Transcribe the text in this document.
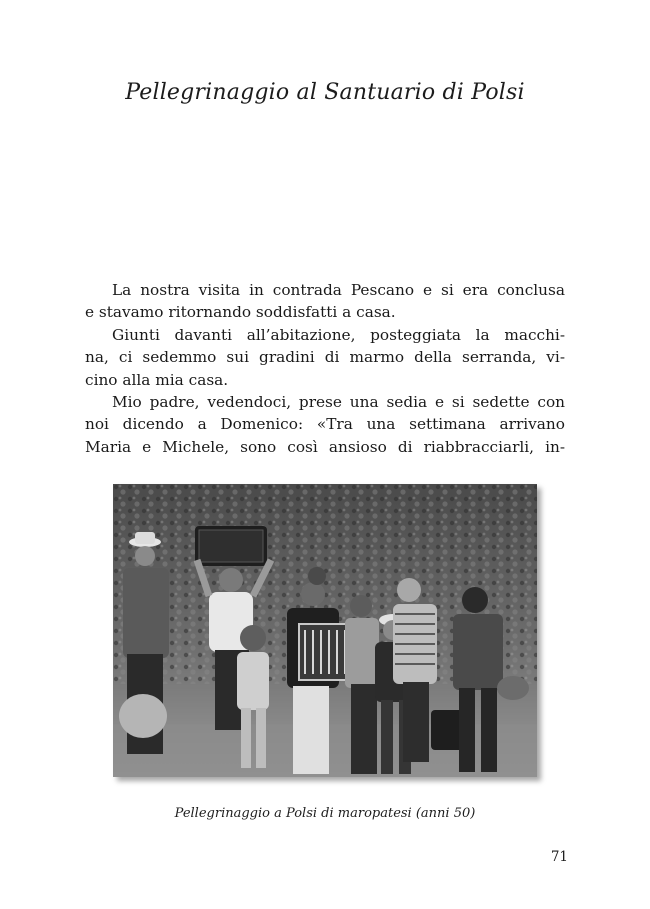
Pellegrinaggio al Santuario di Polsi
La nostra visita in contrada Pescano e si era conclusa
e stavamo ritornando soddisfatti a casa.
Giunti davanti all’abitazione, posteggiata la macchi-
na, ci sedemmo sui gradini di marmo della serranda, vi-
cino alla mia casa.
Mio padre, vedendoci, prese una sedia e si sedette con
noi dicendo a Domenico: «Tra una settimana arrivano
Maria e Michele, sono così ansioso di riabbracciarli, in-
Pellegrinaggio a Polsi di maropatesi (anni 50)
71
